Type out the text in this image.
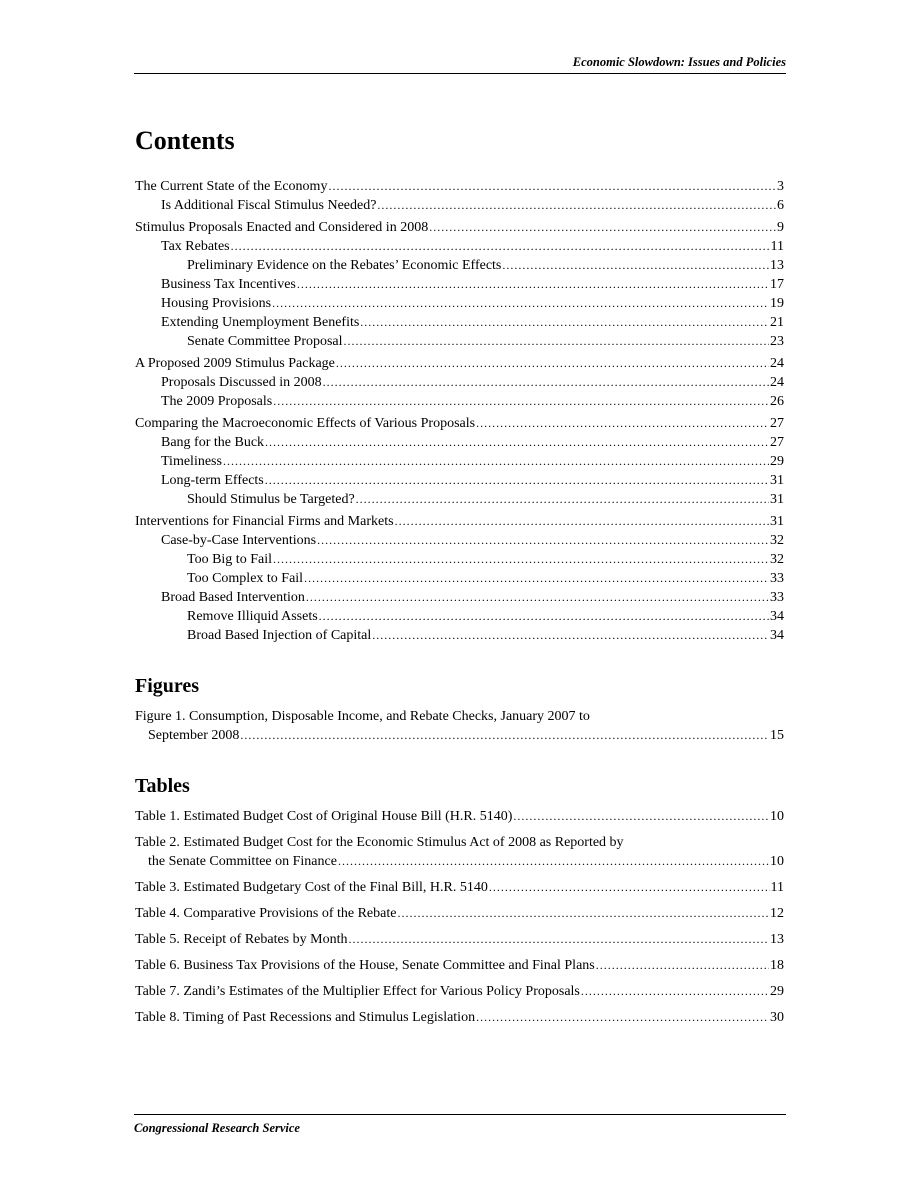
Economic Slowdown: Issues and Policies
Contents
The Current State of the Economy .....	3
Is Additional Fiscal Stimulus Needed? .....	6
Stimulus Proposals Enacted and Considered in 2008 .....	9
Tax Rebates .....	11
Preliminary Evidence on the Rebates’ Economic Effects .....	13
Business Tax Incentives .....	17
Housing Provisions .....	19
Extending Unemployment Benefits .....	21
Senate Committee Proposal .....	23
A Proposed 2009 Stimulus Package .....	24
Proposals Discussed in 2008 .....	24
The 2009 Proposals .....	26
Comparing the Macroeconomic Effects of Various Proposals .....	27
Bang for the Buck .....	27
Timeliness .....	29
Long-term Effects .....	31
Should Stimulus be Targeted? .....	31
Interventions for Financial Firms and Markets .....	31
Case-by-Case Interventions .....	32
Too Big to Fail .....	32
Too Complex to Fail .....	33
Broad Based Intervention .....	33
Remove Illiquid Assets .....	34
Broad Based Injection of Capital .....	34
Figures
Figure 1. Consumption, Disposable Income, and Rebate Checks, January 2007 to
September 2008 .....	15
Tables
Table 1. Estimated Budget Cost of Original House Bill (H.R. 5140) .....	10
Table 2. Estimated Budget Cost for the Economic Stimulus Act of 2008 as Reported by
the Senate Committee on Finance .....	10
Table 3. Estimated Budgetary Cost of the Final Bill, H.R. 5140 .....	11
Table 4. Comparative Provisions of the Rebate .....	12
Table 5. Receipt of Rebates by Month .....	13
Table 6. Business Tax Provisions of the House, Senate Committee and Final Plans .....	18
Table 7. Zandi’s Estimates of the Multiplier Effect for Various Policy Proposals .....	29
Table 8. Timing of Past Recessions and Stimulus Legislation .....	30
Congressional Research Service
